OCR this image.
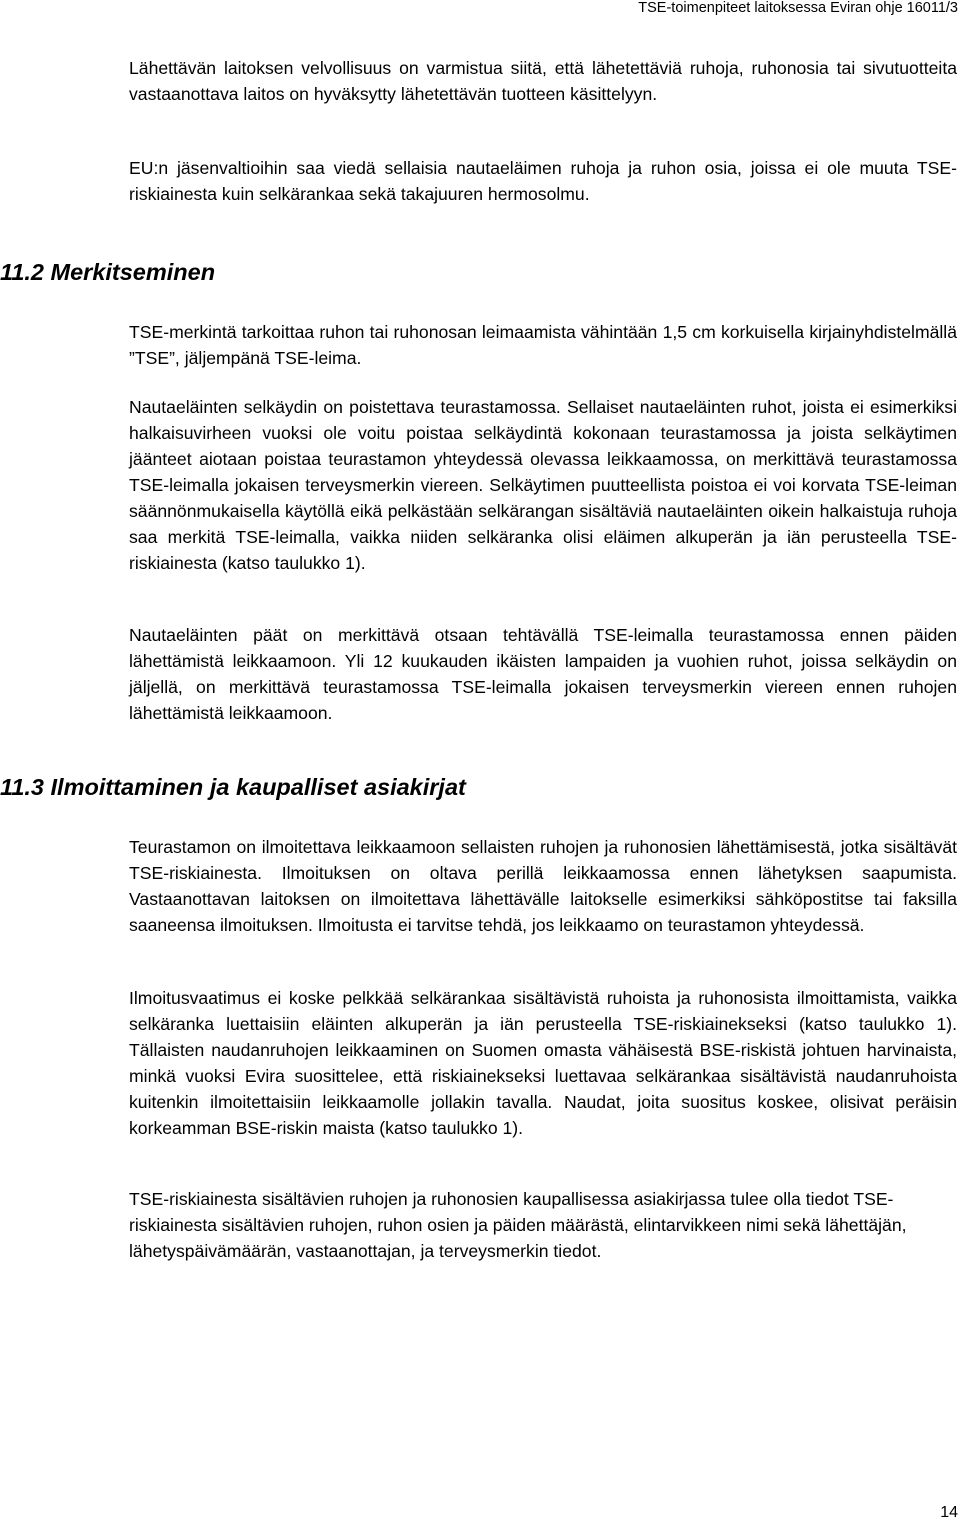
TSE-toimenpiteet laitoksessa Eviran ohje 16011/3

Lähettävän laitoksen velvollisuus on varmistua siitä, että lähetettäviä ruhoja, ruhonosia tai sivutuotteita vastaanottava laitos on hyväksytty lähetettävän tuotteen käsittelyyn.

EU:n jäsenvaltioihin saa viedä sellaisia nautaeläimen ruhoja ja ruhon osia, joissa ei ole muuta TSE-riskiainesta kuin selkärankaa sekä takajuuren hermosolmu.

11.2 Merkitseminen

TSE-merkintä tarkoittaa ruhon tai ruhonosan leimaamista vähintään 1,5 cm korkuisella kirjainyhdistelmällä ”TSE”, jäljempänä TSE-leima.

Nautaeläinten selkäydin on poistettava teurastamossa. Sellaiset nautaeläinten ruhot, joista ei esimerkiksi halkaisuvirheen vuoksi ole voitu poistaa selkäydintä kokonaan teurastamossa ja joista selkäytimen jäänteet aiotaan poistaa teurastamon yhteydessä olevassa leikkaamossa, on merkittävä teurastamossa TSE-leimalla jokaisen terveysmerkin viereen. Selkäytimen puutteellista poistoa ei voi korvata TSE-leiman säännönmukaisella käytöllä eikä pelkästään selkärangan sisältäviä nautaeläinten oikein halkaistuja ruhoja saa merkitä TSE-leimalla, vaikka niiden selkäranka olisi eläimen alkuperän ja iän perusteella TSE-riskiainesta (katso taulukko 1).

Nautaeläinten päät on merkittävä otsaan tehtävällä TSE-leimalla teurastamossa ennen päiden lähettämistä leikkaamoon. Yli 12 kuukauden ikäisten lampaiden ja vuohien ruhot, joissa selkäydin on jäljellä, on merkittävä teurastamossa TSE-leimalla jokaisen terveysmerkin viereen ennen ruhojen lähettämistä leikkaamoon.

11.3 Ilmoittaminen ja kaupalliset asiakirjat

Teurastamon on ilmoitettava leikkaamoon sellaisten ruhojen ja ruhonosien lähettämisestä, jotka sisältävät TSE-riskiainesta. Ilmoituksen on oltava perillä leikkaamossa ennen lähetyksen saapumista. Vastaanottavan laitoksen on ilmoitettava lähettävälle laitokselle esimerkiksi sähköpostitse tai faksilla saaneensa ilmoituksen. Ilmoitusta ei tarvitse tehdä, jos leikkaamo on teurastamon yhteydessä.

Ilmoitusvaatimus ei koske pelkkää selkärankaa sisältävistä ruhoista ja ruhonosista ilmoittamista, vaikka selkäranka luettaisiin eläinten alkuperän ja iän perusteella TSE-riskiainekseksi (katso taulukko 1). Tällaisten naudanruhojen leikkaaminen on Suomen omasta vähäisestä BSE-riskistä johtuen harvinaista, minkä vuoksi Evira suosittelee, että riskiainekseksi luettavaa selkärankaa sisältävistä naudanruhoista kuitenkin ilmoitettaisiin leikkaamolle jollakin tavalla. Naudat, joita suositus koskee, olisivat peräisin korkeamman BSE-riskin maista (katso taulukko 1).

TSE-riskiainesta sisältävien ruhojen ja ruhonosien kaupallisessa asiakirjassa tulee olla tiedot TSE-riskiainesta sisältävien ruhojen, ruhon osien ja päiden määrästä, elintarvikkeen nimi sekä lähettäjän, lähetyspäivämäärän, vastaanottajan, ja terveysmerkin tiedot.

14
